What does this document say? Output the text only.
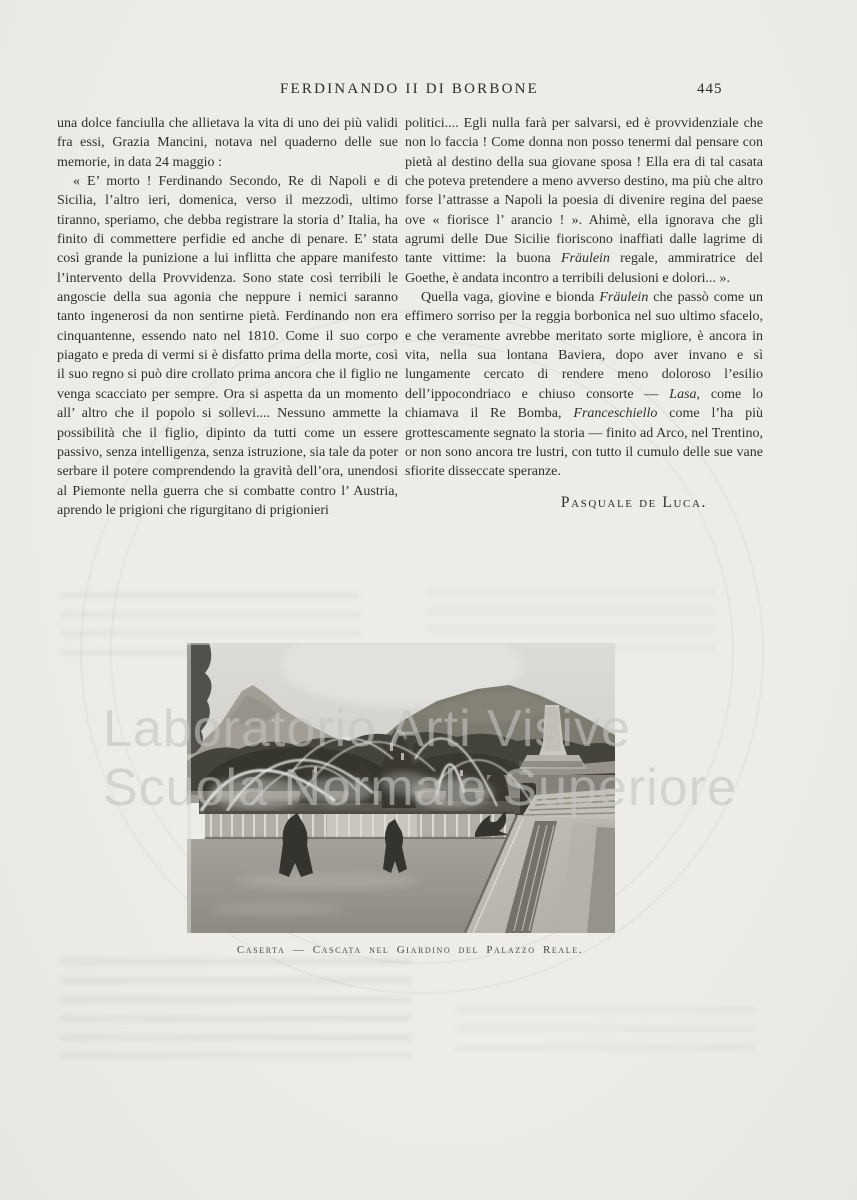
FERDINANDO II DI BORBONE	445

una dolce fanciulla che allietava la vita di uno dei più validi fra essi, Grazia Mancini, notava nel quaderno delle sue memorie, in data 24 maggio :

« E’ morto ! Ferdinando Secondo, Re di Napoli e di Sicilia, l’altro ieri, domenica, verso il mezzodì, ultimo tiranno, speriamo, che debba registrare la storia d’ Italia, ha finito di commettere perfidie ed anche di penare. E’ stata così grande la punizione a lui inflitta che appare manifesto l’intervento della Provvidenza. Sono state così terribili le angoscie della sua agonia che neppure i nemici saranno tanto ingenerosi da non sentirne pietà. Ferdinando non era cinquantenne, essendo nato nel 1810. Come il suo corpo piagato e preda di vermi si è disfatto prima della morte, così il suo regno si può dire crollato prima ancora che il figlio ne venga scacciato per sempre. Ora si aspetta da un momento all’ altro che il popolo si sollevi.... Nessuno ammette la possibilità che il figlio, dipinto da tutti come un essere passivo, senza intelligenza, senza istruzione, sia tale da poter serbare il potere comprendendo la gravità dell’ora, unendosi al Piemonte nella guerra che si combatte contro l’ Austria, aprendo le prigioni che rigurgitano di prigionieri

politici.... Egli nulla farà per salvarsi, ed è provvidenziale che non lo faccia ! Come donna non posso tenermi dal pensare con pietà al destino della sua giovane sposa ! Ella era di tal casata che poteva pretendere a meno avverso destino, ma più che altro forse l’attrasse a Napoli la poesia di divenire regina del paese ove « fiorisce l’ arancio ! ». Ahimè, ella ignorava che gli agrumi delle Due Sicilie fioriscono inaffiati dalle lagrime di tante vittime: la buona Fräulein regale, ammiratrice del Goethe, è andata incontro a terribili delusioni e dolori... ».

Quella vaga, giovine e bionda Fräulein che passò come un effimero sorriso per la reggia borbonica nel suo ultimo sfacelo, e che veramente avrebbe meritato sorte migliore, è ancora in vita, nella sua lontana Baviera, dopo aver invano e sì lungamente cercato di rendere meno doloroso l’esilio dell’ippocondriaco e chiuso consorte — Lasa, come lo chiamava il Re Bomba, Franceschiello come l’ha più grottescamente segnato la storia — finito ad Arco, nel Trentino, or non sono ancora tre lustri, con tutto il cumulo delle sue vane sfiorite disseccate speranze.

Pasquale de Luca.
Caserta — Cascata nel Giardino del Palazzo Reale.
Laboratorio Arti Visive
Scuola Normale Superiore
